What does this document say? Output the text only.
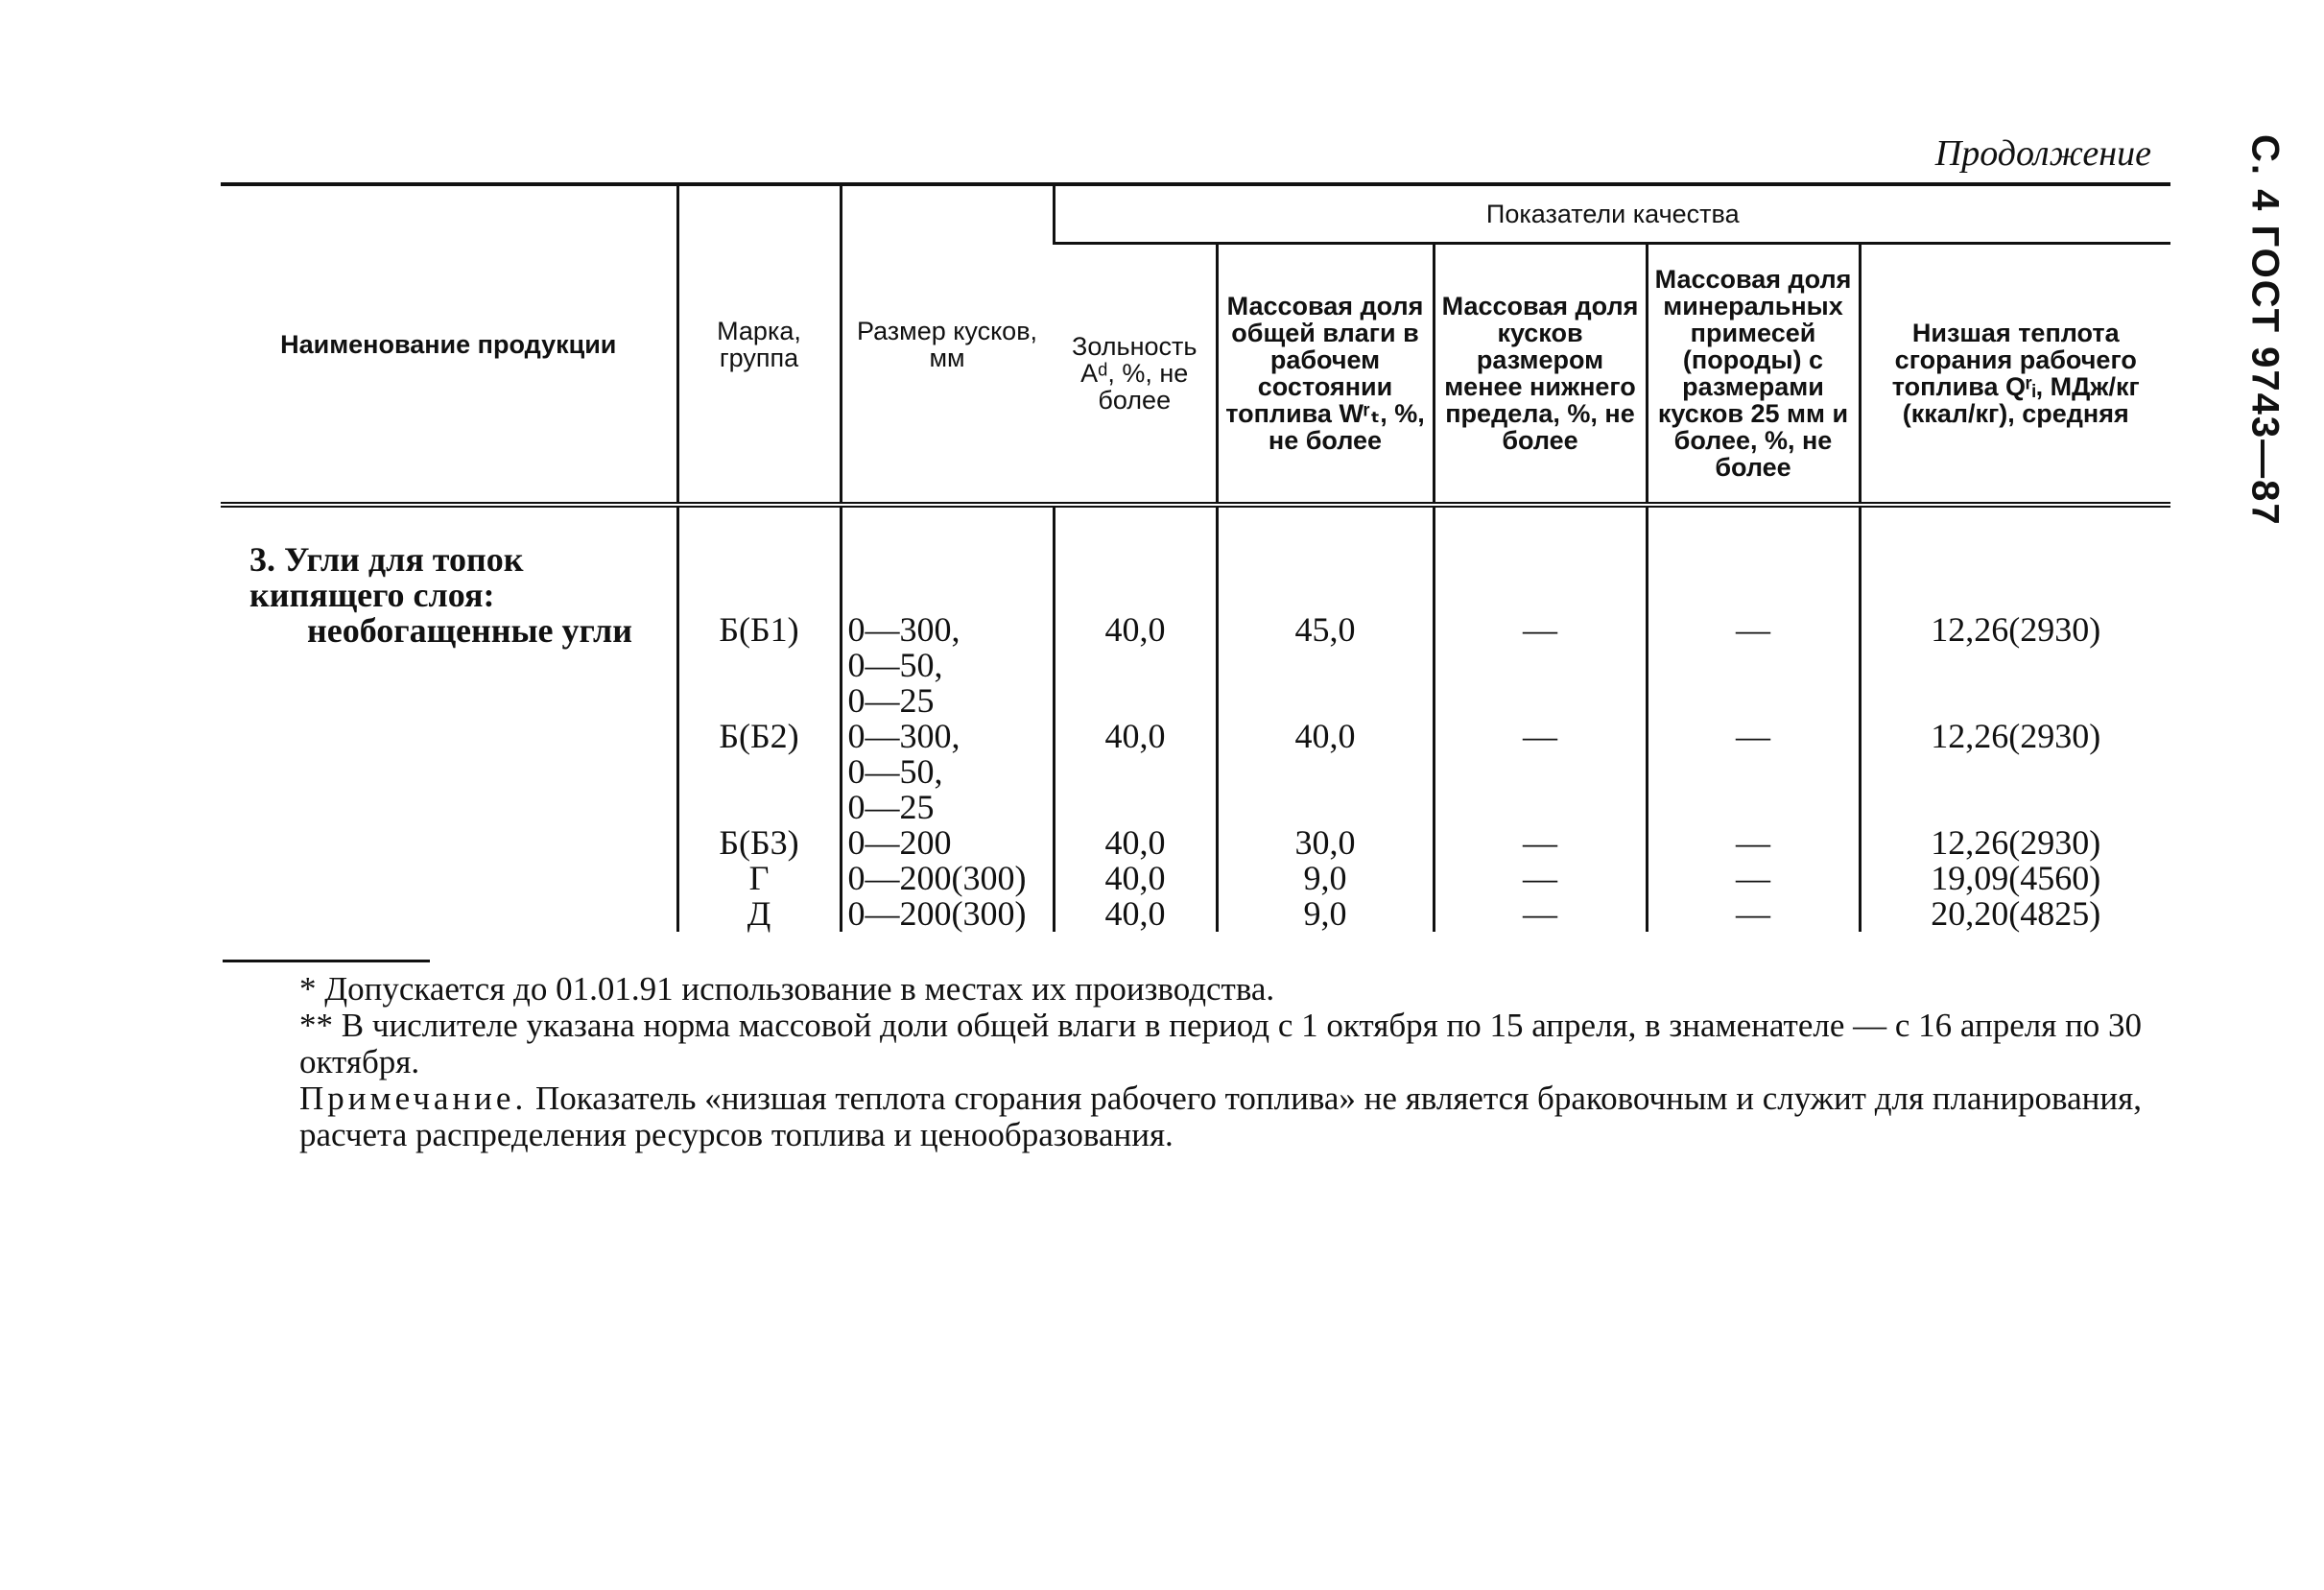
С. 4 ГОСТ 9743—87
Продолжение
Наименование продукции	Марка, группа	Размер кусков, мм	Показатели качества				
			Зольность Aᵈ, %, не более	Массовая доля общей влаги в рабочем состоянии топлива Wʳₜ, %, не более	Массовая доля кусков размером менее нижнего предела, %, не более	Массовая доля минеральных примесей (породы) с размерами кусков 25 мм и более, %, не более	Низшая теплота сгорания рабочего топлива Qʳᵢ, МДж/кг (ккал/кг), средняя
3. Угли для топок кипящего слоя:
необогащенные угли	Б(Б1)	0—300,
0—50,
0—25	40,0	45,0	—	—	12,26(2930)
	Б(Б2)	0—300,
0—50,
0—25	40,0	40,0	—	—	12,26(2930)
	Б(Б3)	0—200	40,0	30,0	—	—	12,26(2930)
	Г	0—200(300)	40,0	9,0	—	—	19,09(4560)
	Д	0—200(300)	40,0	9,0	—	—	20,20(4825)

* Допускается до 01.01.91 использование в местах их производства.

** В числителе указана норма массовой доли общей влаги в период с 1 октября по 15 апреля, в знаменателе — с 16 апреля по 30 октября.

Примечание. Показатель «низшая теплота сгорания рабочего топлива» не является браковочным и служит для планирования, расчета распределения ресурсов топлива и ценообразования.
